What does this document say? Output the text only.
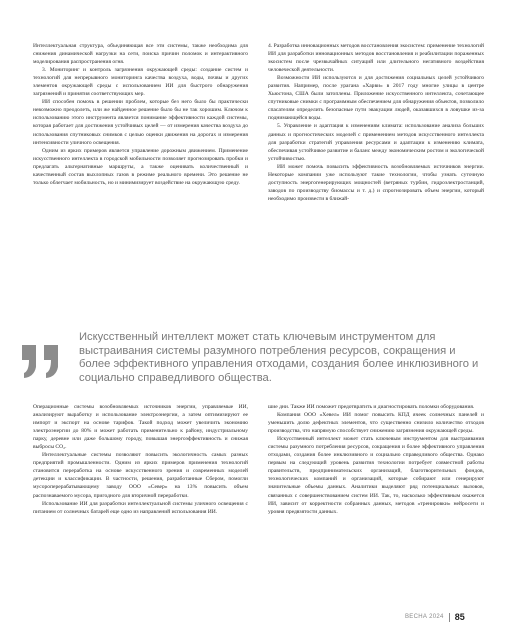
Интеллектуальная структура, объединяющая все эти системы, также необходима для снижения динамической нагрузки на сети, поиска причин поломок и интерактивного моделирования распространения огня.

3. Мониторинг и контроль загрязнения окружающей среды: создание систем и технологий для непрерывного мониторинга качества воздуха, воды, почвы и других элементов окружающей среды с использованием ИИ для быстрого обнаружения загрязнений и принятия соответствующих мер.

ИИ способен помочь в решении проблем, которые без него было бы практически невозможно преодолеть, или же найденное решение было бы не так хорошим. Ключом к использованию этого инструмента является понимание эффективности каждой системы, которая работает для достижения устойчивых целей — от измерения качества воздуха до использования спутниковых снимков с целью оценки движения на дорогах и измерения интенсивности уличного освещения.

Одним из ярких примеров является управление дорожным движением. Применение искусственного интеллекта в городской мобильности позволяет прогнозировать пробки и предлагать альтернативные маршруты, а также оценивать количественный и качественный состав выхлопных газов в режиме реального времени. Это решение не только облегчает мобильность, но и минимизирует воздействие на окружающую среду.

4. Разработка инновационных методов восстановления экосистем: применение технологий ИИ для разработки инновационных методов восстановления и реабилитации пораженных экосистем после чрезвычайных ситуаций или длительного негативного воздействия человеческой деятельности.

Возможности ИИ используются и для достижения социальных целей устойчивого развития. Например, после урагана «Харви» в 2017 году многие улицы в центре Хьюстона, США были затоплены. Приложение искусственного интеллекта, сочетающее спутниковые снимки с программным обеспечением для обнаружения объектов, позволило спасателям определить безопасные пути эвакуации людей, оказавшихся в ловушке из-за поднимающейся воды.

5. Управление и адаптация к изменениям климата: использование анализа больших данных и прогностических моделей с применением методов искусственного интеллекта для разработки стратегий управления ресурсами и адаптации к изменению климата, обеспечивая устойчивое развитие и баланс между экономическим ростом и экологической устойчивостью.

ИИ может помочь повысить эффективность возобновляемых источников энергии. Некоторые компании уже используют такие технологии, чтобы узнать суточную доступность энергогенерирующих мощностей (ветряных турбин, гидроэлектростанций, заводов по производству биомассы и т. д.) и спрогнозировать объем энергии, который необходимо произвести в ближай-

Искусственный интеллект может стать ключевым инструментом для выстраивания системы разумного потребления ресурсов, сокращения и более эффективного управления отходами, создания более инклюзивного и социально справедливого общества.

Операционные системы возобновляемых источников энергии, управляемые ИИ, анализируют выработку и использование электроэнергии, а затем оптимизируют ее импорт и экспорт на основе тарифов. Такой подход может увеличить экономию электроэнергии до 80% и может работать применительно к району, индустриальному парку, деревне или даже большому городу, повышая энергоэффективность и снижая выбросы CO₂.

Интеллектуальные системы позволяют повысить экологичность самых разных предприятий промышленности. Одним из ярких примеров применения технологий становится переработка на основе искусственного зрения и современных моделей детекции и классификации. В частности, решения, разработанные Сбером, помогли мусороперерабатывающему заводу ООО «Север» на 13% повысить объем распознаваемого мусора, пригодного для вторичной переработки.

Использование ИИ для разработки интеллектуальной системы уличного освещения с питанием от солнечных батарей еще одно из направлений использования ИИ.

шие дни. Также ИИ поможет предотвратить и диагностировать поломки оборудования.

Компания ООО «Хевел» ИИ помог повысить КПД ячеек солнечных панелей и уменьшить долю дефектных элементов, что существенно снизило количество отходов производства, что напрямую способствует снижению загрязнения окружающей среды.

Искусственный интеллект может стать ключевым инструментом для выстраивания системы разумного потребления ресурсов, сокращения и более эффективного управления отходами, создания более инклюзивного и социально справедливого общества. Однако первым на следующий уровень развития технологии потребует совместной работы правительств, предпринимательских организаций, благотворительных фондов, технологических компаний и организаций, которые собирают или генерируют значительные объемы данных. Аналитики выделяют ряд потенциальных вызовов, связанных с совершенствованием систем ИИ. Так, то, насколько эффективным окажется ИИ, зависит от корректности собранных данных, методов «тренировки» нейросети и уровня предвзятости данных.

ВЕСНА 2024 85
